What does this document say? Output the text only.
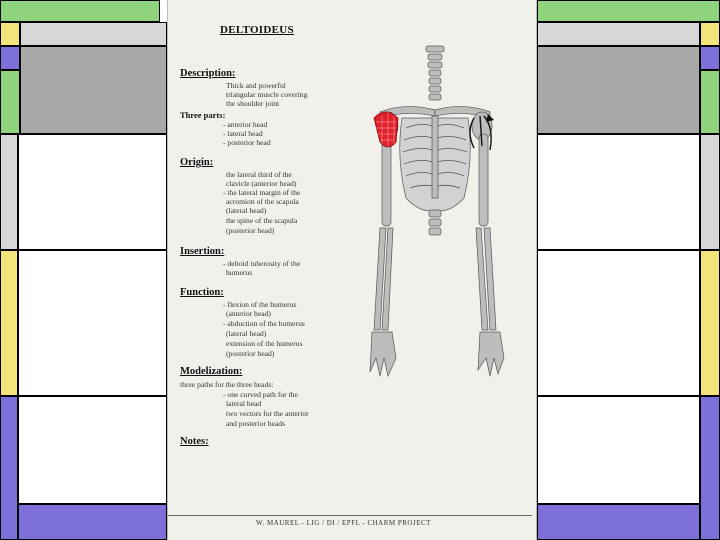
DELTOIDEUS
Description:
Thick and powerful
triangular muscle covering
the shoulder joint
Three parts:
- anterior head
- lateral head
- posterior head
Origin:
the lateral third of the
clavicle (anterior head)
- the lateral margin of the
acromion of the scapula
(lateral head)
the spine of the scapula
(posterior head)
Insertion:
- deltoid tuberosity of the
humerus
Function:
- flexion of the humerus
(anterior head)
- abduction of the humerus
(lateral head)
extension of the humerus
(posterior head)
Modelization:
three paths for the three heads:
- one curved path for the
lateral head
two vectors for the anterior
and posterior heads
Notes:
W. MAUREL - LIG / DI / EPFL - CHARM PROJECT
